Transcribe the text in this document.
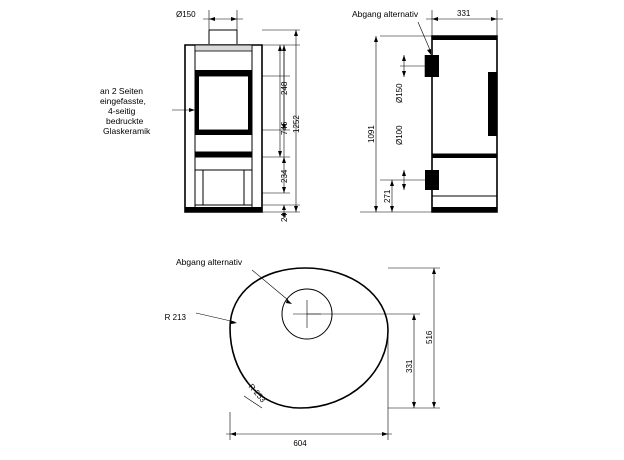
Ø150
248
746 1252
234
24
an 2 Seiten
eingefasste,
4-seitig
bedruckte
Glaskeramik
331
Ø150
Ø100
1091
271
Abgang alternativ
604
516
331
R 213
R 253
Abgang alternativ
